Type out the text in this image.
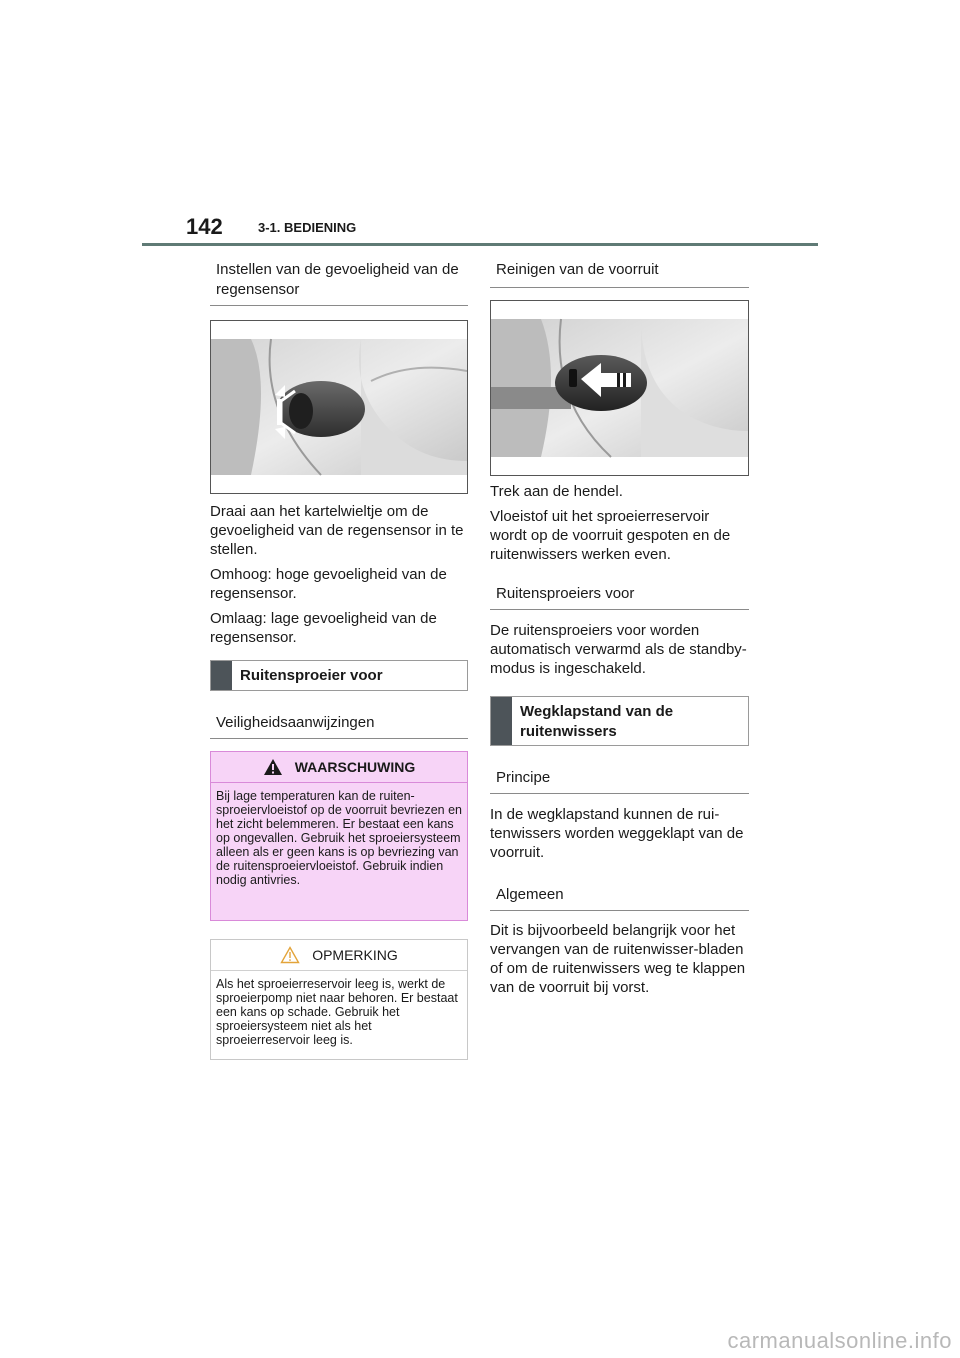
142	3-1. BEDIENING
Instellen van de gevoeligheid van de regensensor

Draai aan het kartelwieltje om de gevoeligheid van de regensensor in te stellen.

Omhoog: hoge gevoeligheid van de regensensor.

Omlaag: lage gevoeligheid van de regensensor.

Ruitensproeier voor
Veiligheidsaanwijzingen
WAARSCHUWING
Bij lage temperaturen kan de ruiten-sproeiervloeistof op de voorruit bevriezen en het zicht belemmeren. Er bestaat een kans op ongevallen. Gebruik het sproeiersysteem alleen als er geen kans is op bevriezing van de ruitensproeiervloeistof. Gebruik indien nodig antivries.
OPMERKING
Als het sproeierreservoir leeg is, werkt de sproeierpomp niet naar behoren. Er bestaat een kans op schade. Gebruik het sproeiersysteem niet als het sproeierreservoir leeg is.
Reinigen van de voorruit

Trek aan de hendel.

Vloeistof uit het sproeierreservoir wordt op de voorruit gespoten en de ruitenwissers werken even.

Ruitensproeiers voor

De ruitensproeiers voor worden automatisch verwarmd als de standby-modus is ingeschakeld.

Wegklapstand van de ruitenwissers
Principe

In de wegklapstand kunnen de rui-tenwissers worden weggeklapt van de voorruit.

Algemeen

Dit is bijvoorbeeld belangrijk voor het vervangen van de ruitenwisser-bladen of om de ruitenwissers weg te klappen van de voorruit bij vorst.

carmanualsonline.info
